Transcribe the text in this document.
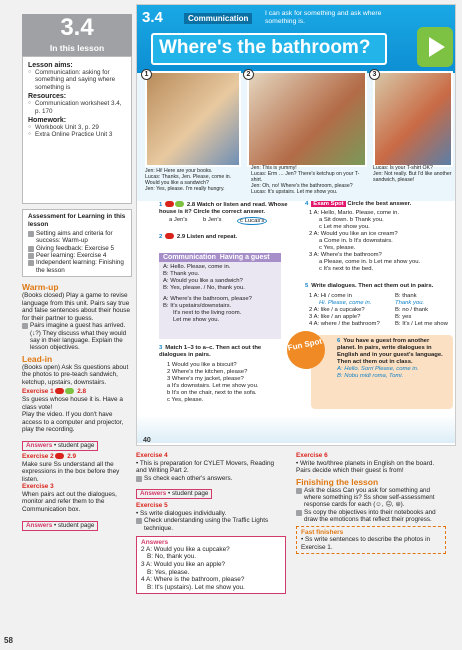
3.4
In this lesson
Lesson aims:
○ Communication: asking for something and saying where something is
Resources:
○ Communication worksheet 3.4, p. 170
Homework:
○ Workbook Unit 3, p. 29
○ Extra Online Practice Unit 3
Assessment for Learning in this lesson
Setting aims and criteria for success: Warm-up
Giving feedback: Exercise 5
Peer learning: Exercise 4
Independent learning: Finishing the lesson
Warm-up
(Books closed) Play a game to revise language from this unit. Pairs say true and false sentences about their house for their partner to guess.
Pairs imagine a guest has arrived. (↓?) They discuss what they would say in their language. Explain the lesson objectives.
Lead-in
(Books open) Ask Ss questions about the photos to pre-teach sandwich, ketchup, upstairs, downstairs.
Exercise 1	2.8
Ss guess whose house it is. Have a class vote!
Play the video. If you don't have access to a computer and projector, play the recording.
Answers • student page
Exercise 2 2.9
Make sure Ss understand all the expressions in the box before they listen.
Exercise 3
When pairs act out the dialogues, monitor and refer them to the Communication box.
Answers • student page
3.4	Communication
I can ask for something and ask where something is.
Where's the bathroom?
1	2	3
Jen: Hi! Here are your books.
Lucas: Thanks, Jen. Please, come in. Would you like a sandwich?
Jen: Yes, please. I'm really hungry.
Jen: This is yummy!
Lucas: Erm … Jen? There's ketchup on your T-shirt.
Jen: Oh, no! Where's the bathroom, please?
Lucas: It's upstairs. Let me show you.
Lucas: Is your T-shirt OK?
Jen: Not really. But I'd like another sandwich, please!
1	2.8 Watch or listen and read. Whose house is it? Circle the correct answer.
a Jen's	b Jen's	c Lucas's
2 2.9 Listen and repeat.
Communication Having a guest
A: Hello. Please, come in.
B: Thank you.
A: Would you like a sandwich?
B: Yes, please. / No, thank you.
A: Where's the bathroom, please?
B: It's upstairs/downstairs.
It's next to the living room.
Let me show you.
3 Match 1–3 to a–c. Then act out the dialogues in pairs.
1 Would you like a biscuit?
2 Where's the kitchen, please?
3 Where's my jacket, please?
a It's downstairs. Let me show you.
b It's on the chair, next to the sofa.
c Yes, please.
4 Exam Spot Circle the best answer.
1 A: Hello, Mario. Please, come in.
a Sit down. b Thank you.
c Let me show you.
2 A: Would you like an ice cream?
a Come in. b It's downstairs.
c Yes, please.
3 A: Where's the bathroom?
a Please, come in. b Let me show you.
c It's next to the bed.
5 Write dialogues. Then act them out in pairs.
1 A: Hi / come in	B: thank
Hi. Please, come in.	Thank you.
2 A: like / a cupcake?	B: no / thank
3 A: like / an apple?	B: yes
4 A: where / the bathroom?	B: It's / Let me show
6 You have a guest from another planet. In pairs, write dialogues in English and in your guest's language. Then act them out in class.
A: Hello. Sorri Please, come in.
B: Nobu midi roma, Tomi.
Fun Spot
40
Exercise 4
• This is preparation for CYLET Movers, Reading and Writing Part 2.
Ss check each other's answers.
Answers • student page
Exercise 5
• Ss write dialogues individually.
Check understanding using the Traffic Lights technique.
Answers
2 A: Would you like a cupcake?
B: No, thank you.
3 A: Would you like an apple?
B: Yes, please.
4 A: Where is the bathroom, please?
B: It's (upstairs). Let me show you.
Exercise 6
• Write two/three planets in English on the board. Pairs decide which their guest is from!
Finishing the lesson
Ask the class Can you ask for something and where something is? Ss show self-assessment response cards for each (☺, ☹, ⊜).
Ss copy the objectives into their notebooks and draw the emoticons that reflect their progress.
Fast finishers
• Ss write sentences to describe the photos in Exercise 1.
58
